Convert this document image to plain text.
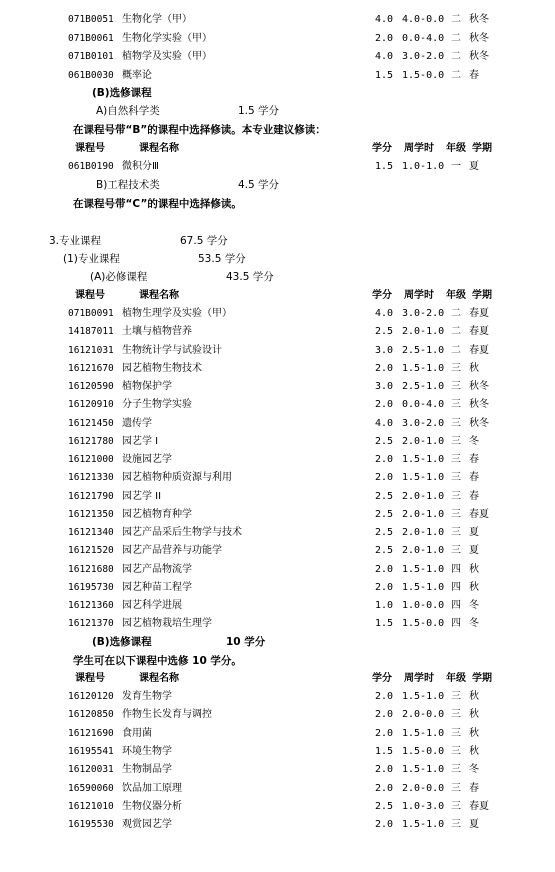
071B0051 生物化学（甲）	4.0 4.0-0.0 二 秋冬
071B0061 生物化学实验（甲）	2.0 0.0-4.0 二 秋冬
071B0101 植物学及实验（甲）	4.0 3.0-2.0 二 秋冬
061B0030 概率论	1.5 1.5-0.0 二 春
(B)选修课程
A)自然科学类	1.5 学分
在课程号带“B”的课程中选择修读。本专业建议修读：
课程号	课程名称	学分 周学时 年级 学期
061B0190 微积分Ⅲ	1.5 1.0-1.0 一 夏
B)工程技术类	4.5 学分
在课程号带“C”的课程中选择修读。
3.专业课程	67.5 学分
(1)专业课程	53.5 学分
(A)必修课程	43.5 学分
课程号	课程名称	学分 周学时 年级 学期
071B0091 植物生理学及实验（甲）	4.0 3.0-2.0 二 春夏
14187011 土壤与植物营养	2.5 2.0-1.0 二 春夏
16121031 生物统计学与试验设计	3.0 2.5-1.0 二 春夏
16121670 园艺植物生物技术	2.0 1.5-1.0 三 秋
16120590 植物保护学	3.0 2.5-1.0 三 秋冬
16120910 分子生物学实验	2.0 0.0-4.0 三 秋冬
16121450 遗传学	4.0 3.0-2.0 三 秋冬
16121780 园艺学 I	2.5 2.0-1.0 三 冬
16121000 设施园艺学	2.0 1.5-1.0 三 春
16121330 园艺植物种质资源与利用	2.0 1.5-1.0 三 春
16121790 园艺学 II	2.5 2.0-1.0 三 春
16121350 园艺植物育种学	2.5 2.0-1.0 三 春夏
16121340 园艺产品采后生物学与技术	2.5 2.0-1.0 三 夏
16121520 园艺产品营养与功能学	2.5 2.0-1.0 三 夏
16121680 园艺产品物流学	2.0 1.5-1.0 四 秋
16195730 园艺种苗工程学	2.0 1.5-1.0 四 秋
16121360 园艺科学进展	1.0 1.0-0.0 四 冬
16121370 园艺植物栽培生理学	1.5 1.5-0.0 四 冬
(B)选修课程	10 学分
学生可在以下课程中选修 10 学分。
课程号	课程名称	学分 周学时 年级 学期
16120120 发育生物学	2.0 1.5-1.0 三 秋
16120850 作物生长发育与调控	2.0 2.0-0.0 三 秋
16121690 食用菌	2.0 1.5-1.0 三 秋
16195541 环境生物学	1.5 1.5-0.0 三 秋
16120031 生物制品学	2.0 1.5-1.0 三 冬
16590060 饮品加工原理	2.0 2.0-0.0 三 春
16121010 生物仪器分析	2.5 1.0-3.0 三 春夏
16195530 观赏园艺学	2.0 1.5-1.0 三 夏
